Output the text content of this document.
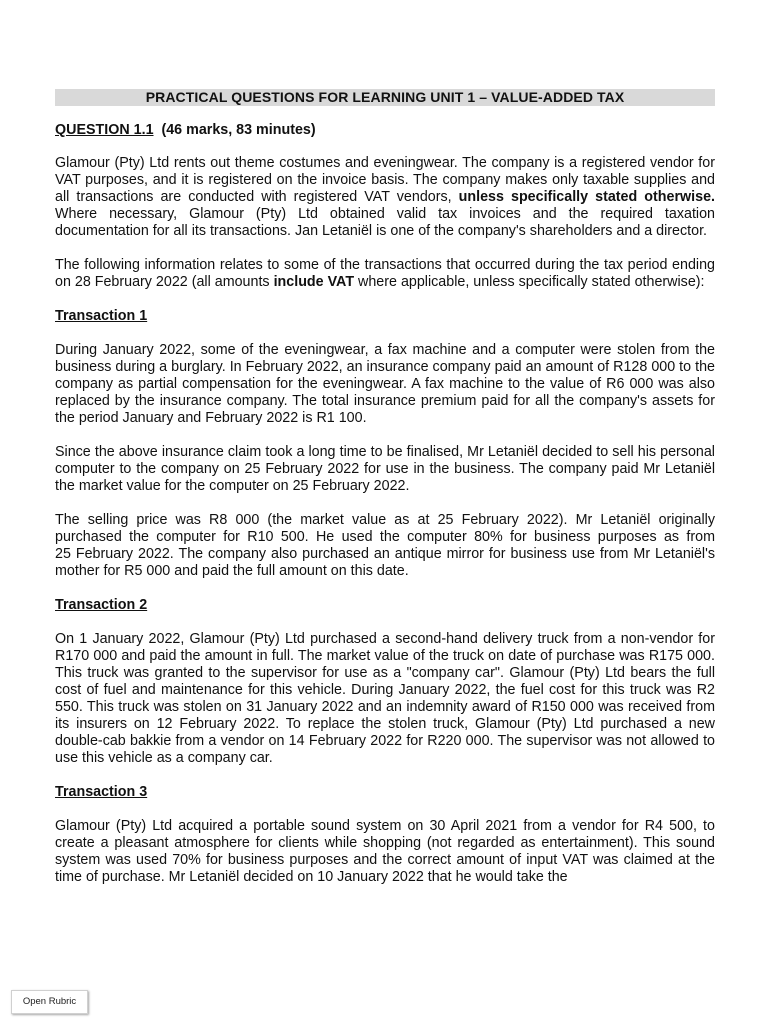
PRACTICAL QUESTIONS FOR LEARNING UNIT 1 – VALUE-ADDED TAX
QUESTION 1.1 (46 marks, 83 minutes)

Glamour (Pty) Ltd rents out theme costumes and eveningwear. The company is a registered vendor for VAT purposes, and it is registered on the invoice basis. The company makes only taxable supplies and all transactions are conducted with registered VAT vendors, unless specifically stated otherwise. Where necessary, Glamour (Pty) Ltd obtained valid tax invoices and the required taxation documentation for all its transactions. Jan Letaniël is one of the company's shareholders and a director.

The following information relates to some of the transactions that occurred during the tax period ending on 28 February 2022 (all amounts include VAT where applicable, unless specifically stated otherwise):

Transaction 1

During January 2022, some of the eveningwear, a fax machine and a computer were stolen from the business during a burglary. In February 2022, an insurance company paid an amount of R128 000 to the company as partial compensation for the eveningwear. A fax machine to the value of R6 000 was also replaced by the insurance company. The total insurance premium paid for all the company's assets for the period January and February 2022 is R1 100.

Since the above insurance claim took a long time to be finalised, Mr Letaniël decided to sell his personal computer to the company on 25 February 2022 for use in the business. The company paid Mr Letaniël the market value for the computer on 25 February 2022.

The selling price was R8 000 (the market value as at 25 February 2022). Mr Letaniël originally purchased the computer for R10 500. He used the computer 80% for business purposes as from 25 February 2022. The company also purchased an antique mirror for business use from Mr Letaniël's mother for R5 000 and paid the full amount on this date.

Transaction 2

On 1 January 2022, Glamour (Pty) Ltd purchased a second-hand delivery truck from a non-vendor for R170 000 and paid the amount in full. The market value of the truck on date of purchase was R175 000. This truck was granted to the supervisor for use as a "company car". Glamour (Pty) Ltd bears the full cost of fuel and maintenance for this vehicle. During January 2022, the fuel cost for this truck was R2 550. This truck was stolen on 31 January 2022 and an indemnity award of R150 000 was received from its insurers on 12 February 2022. To replace the stolen truck, Glamour (Pty) Ltd purchased a new double-cab bakkie from a vendor on 14 February 2022 for R220 000. The supervisor was not allowed to use this vehicle as a company car.

Transaction 3

Glamour (Pty) Ltd acquired a portable sound system on 30 April 2021 from a vendor for R4 500, to create a pleasant atmosphere for clients while shopping (not regarded as entertainment). This sound system was used 70% for business purposes and the correct amount of input VAT was claimed at the time of purchase. Mr Letaniël decided on 10 January 2022 that he would take the

Open Rubric
